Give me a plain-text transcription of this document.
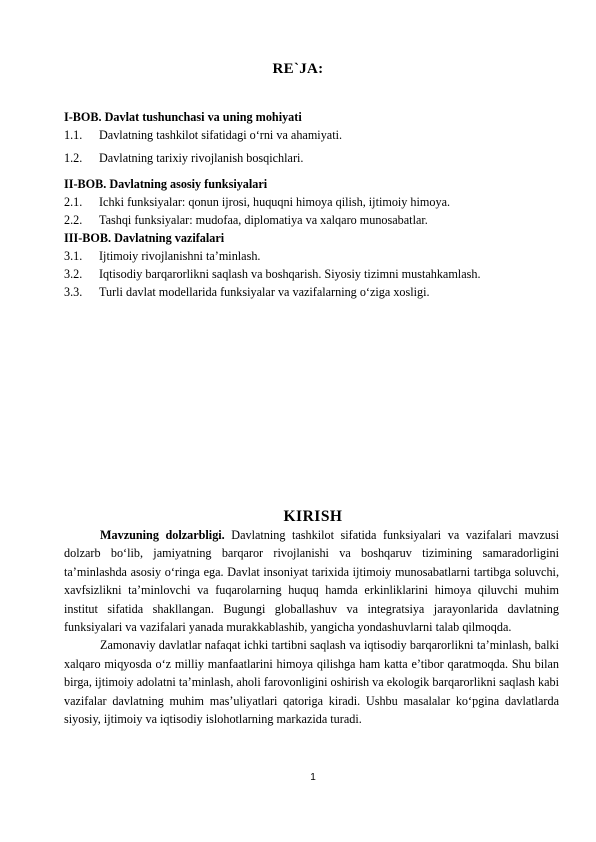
RE`JA:
I-BOB. Davlat tushunchasi va uning mohiyati
1.1. Davlatning tashkilot sifatidagi o‘rni va ahamiyati.
1.2. Davlatning tarixiy rivojlanish bosqichlari.
II-BOB. Davlatning asosiy funksiyalari
2.1. Ichki funksiyalar: qonun ijrosi, huquqni himoya qilish, ijtimoiy himoya.
2.2. Tashqi funksiyalar: mudofaa, diplomatiya va xalqaro munosabatlar.
III-BOB. Davlatning vazifalari
3.1. Ijtimoiy rivojlanishni ta’minlash.
3.2. Iqtisodiy barqarorlikni saqlash va boshqarish. Siyosiy tizimni mustahkamlash.
3.3. Turli davlat modellarida funksiyalar va vazifalarning o‘ziga xosligi.
KIRISH

Mavzuning dolzarbligi. Davlatning tashkilot sifatida funksiyalari va vazifalari mavzusi dolzarb bo‘lib, jamiyatning barqaror rivojlanishi va boshqaruv tizimining samaradorligini ta’minlashda asosiy o‘ringa ega. Davlat insoniyat tarixida ijtimoiy munosabatlarni tartibga soluvchi, xavfsizlikni ta’minlovchi va fuqarolarning huquq hamda erkinliklarini himoya qiluvchi muhim institut sifatida shakllangan. Bugungi globallashuv va integratsiya jarayonlarida davlatning funksiyalari va vazifalari yanada murakkablashib, yangicha yondashuvlarni talab qilmoqda.

Zamonaviy davlatlar nafaqat ichki tartibni saqlash va iqtisodiy barqarorlikni ta’minlash, balki xalqaro miqyosda o‘z milliy manfaatlarini himoya qilishga ham katta e’tibor qaratmoqda. Shu bilan birga, ijtimoiy adolatni ta’minlash, aholi farovonligini oshirish va ekologik barqarorlikni saqlash kabi vazifalar davlatning muhim mas’uliyatlari qatoriga kiradi. Ushbu masalalar ko‘pgina davlatlarda siyosiy, ijtimoiy va iqtisodiy islohotlarning markazida turadi.

1
